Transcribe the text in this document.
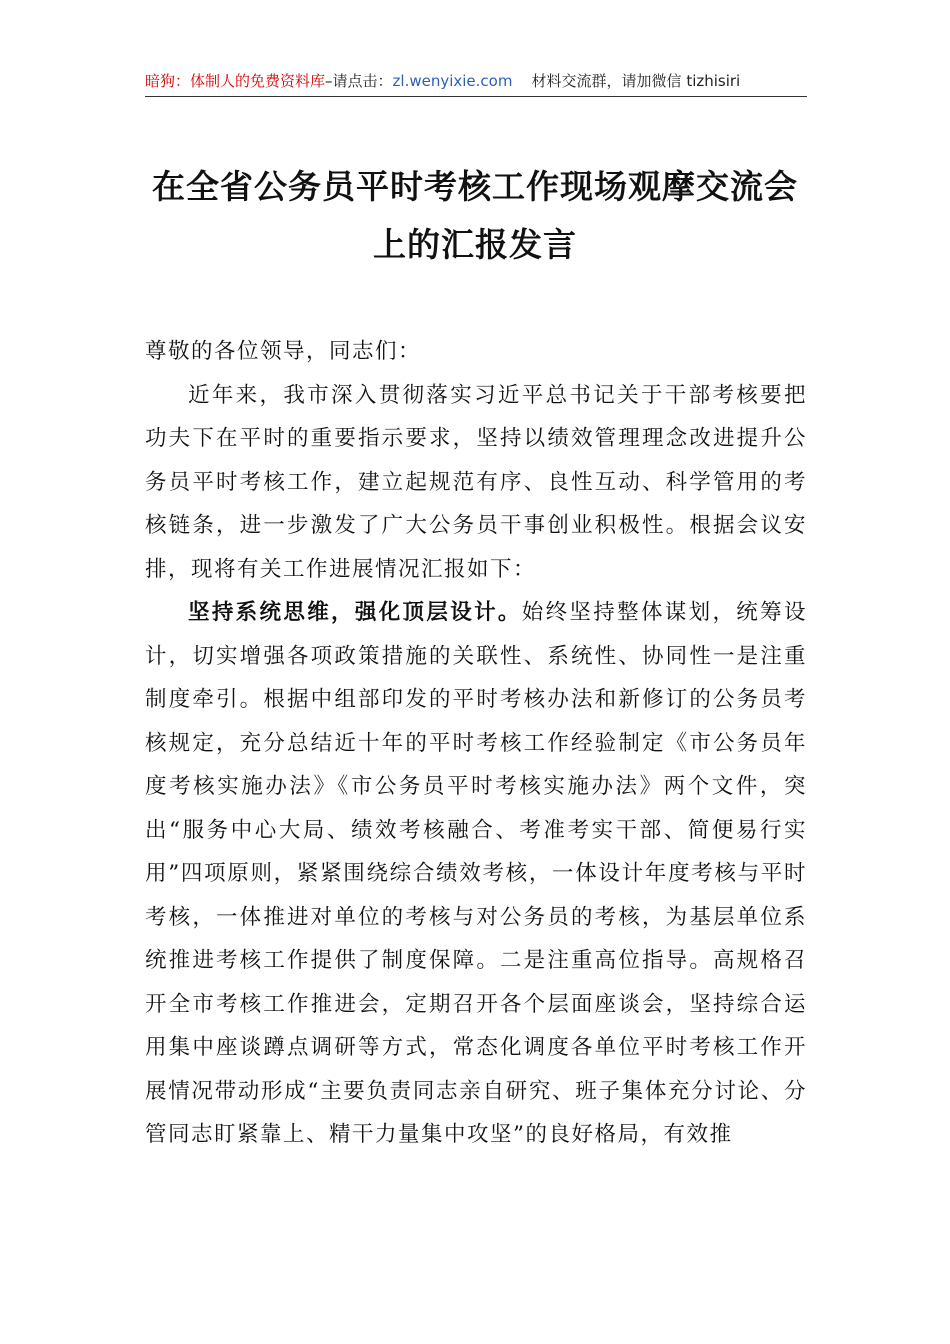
暗狗：体制人的免费资料库–请点击：zl.wenyixie.com 材料交流群，请加微信 tizhisiri
在全省公务员平时考核工作现场观摩交流会上的汇报发言

尊敬的各位领导，同志们：

近年来，我市深入贯彻落实习近平总书记关于干部考核要把功夫下在平时的重要指示要求，坚持以绩效管理理念改进提升公务员平时考核工作，建立起规范有序、良性互动、科学管用的考核链条，进一步激发了广大公务员干事创业积极性。根据会议安排，现将有关工作进展情况汇报如下：

坚持系统思维，强化顶层设计。始终坚持整体谋划，统筹设计，切实增强各项政策措施的关联性、系统性、协同性一是注重制度牵引。根据中组部印发的平时考核办法和新修订的公务员考核规定，充分总结近十年的平时考核工作经验制定《市公务员年度考核实施办法》《市公务员平时考核实施办法》两个文件，突出“服务中心大局、绩效考核融合、考准考实干部、简便易行实用”四项原则，紧紧围绕综合绩效考核，一体设计年度考核与平时考核，一体推进对单位的考核与对公务员的考核，为基层单位系统推进考核工作提供了制度保障。二是注重高位指导。高规格召开全市考核工作推进会，定期召开各个层面座谈会，坚持综合运用集中座谈蹲点调研等方式，常态化调度各单位平时考核工作开展情况带动形成“主要负责同志亲自研究、班子集体充分讨论、分管同志盯紧靠上、精干力量集中攻坚”的良好格局，有效推
